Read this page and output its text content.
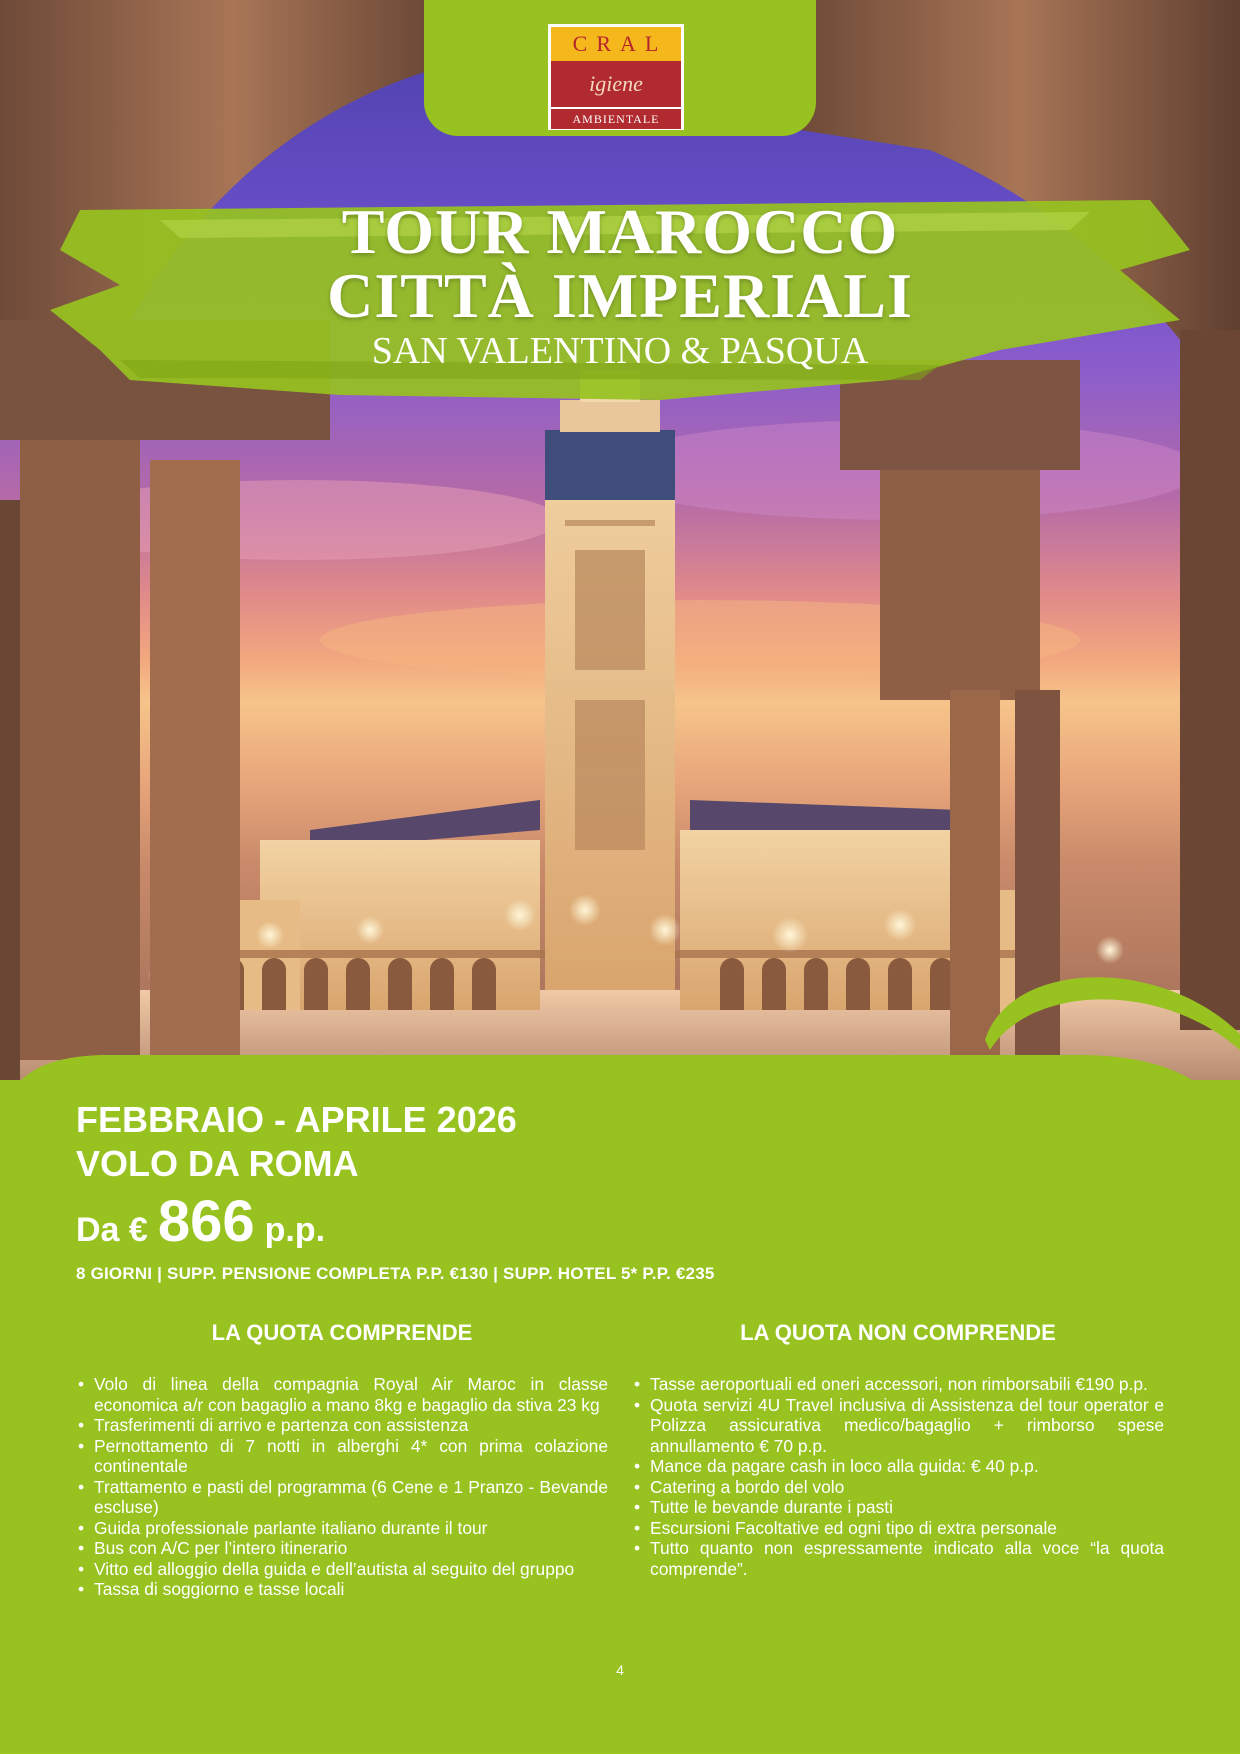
CRAL
igiene
AMBIENTALE
TOUR MAROCCO
CITTÀ IMPERIALI
SAN VALENTINO & PASQUA
FEBBRAIO - APRILE 2026
VOLO DA ROMA
Da € 866 p.p.
8 GIORNI | SUPP. PENSIONE COMPLETA P.P. €130 | SUPP. HOTEL 5* P.P. €235
LA QUOTA COMPRENDE
• Volo di linea della compagnia Royal Air Maroc in classe economica a/r con bagaglio a mano 8kg e bagaglio da stiva 23 kg
• Trasferimenti di arrivo e partenza con assistenza
• Pernottamento di 7 notti in alberghi 4* con prima colazione continentale
• Trattamento e pasti del programma (6 Cene e 1 Pranzo - Bevande escluse)
• Guida professionale parlante italiano durante il tour
• Bus con A/C per l’intero itinerario
• Vitto ed alloggio della guida e dell’autista al seguito del gruppo
• Tassa di soggiorno e tasse locali
LA QUOTA NON COMPRENDE
• Tasse aeroportuali ed oneri accessori, non rimborsabili €190 p.p.
• Quota servizi 4U Travel inclusiva di Assistenza del tour operator e Polizza assicurativa medico/bagaglio + rimborso spese annullamento € 70 p.p.
• Mance da pagare cash in loco alla guida: € 40 p.p.
• Catering a bordo del volo
• Tutte le bevande durante i pasti
• Escursioni Facoltative ed ogni tipo di extra personale
• Tutto quanto non espressamente indicato alla voce “la quota comprende”.
4
